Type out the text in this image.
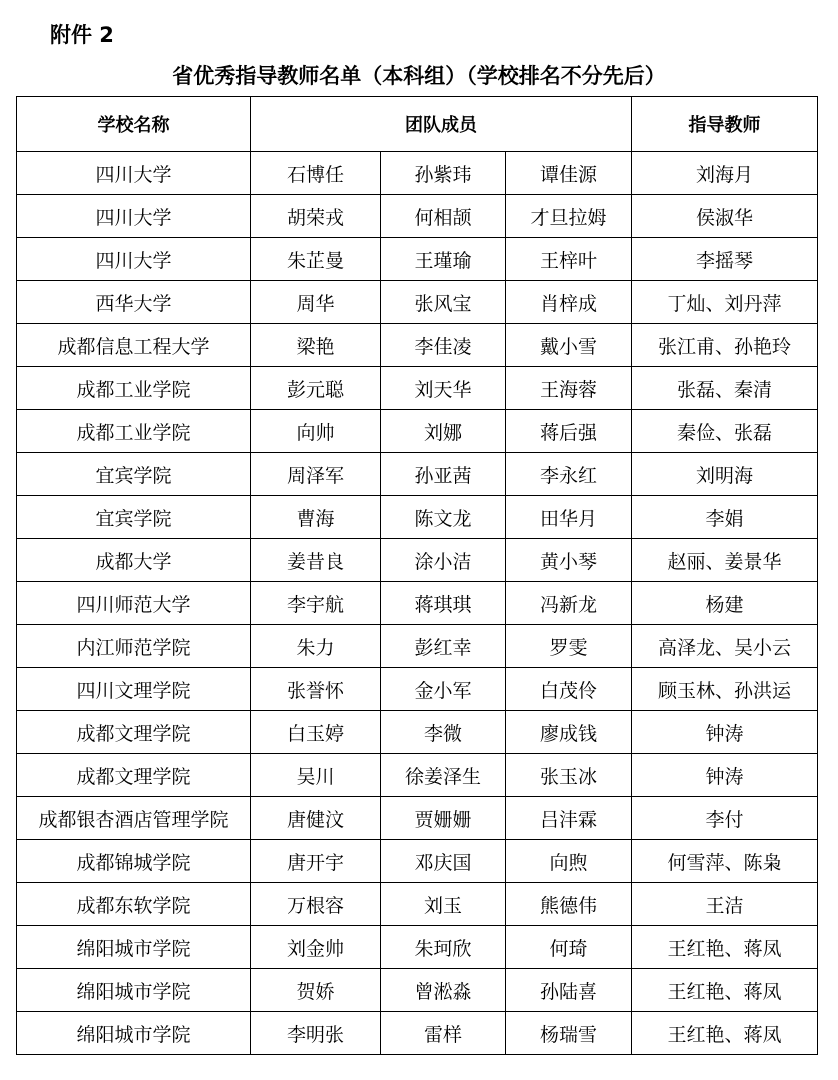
附件 2
省优秀指导教师名单（本科组）（学校排名不分先后）
学校名称	团队成员			指导教师
四川大学	石博任	孙紫玮	谭佳源	刘海月
四川大学	胡荣戎	何相颉	才旦拉姆	侯淑华
四川大学	朱芷曼	王瑾瑜	王梓叶	李摇琴
西华大学	周华	张风宝	肖梓成	丁灿、刘丹萍
成都信息工程大学	梁艳	李佳凌	戴小雪	张江甫、孙艳玲
成都工业学院	彭元聪	刘天华	王海蓉	张磊、秦清
成都工业学院	向帅	刘娜	蒋后强	秦俭、张磊
宜宾学院	周泽军	孙亚茜	李永红	刘明海
宜宾学院	曹海	陈文龙	田华月	李娟
成都大学	姜昔良	涂小洁	黄小琴	赵丽、姜景华
四川师范大学	李宇航	蒋琪琪	冯新龙	杨建
内江师范学院	朱力	彭红幸	罗雯	高泽龙、吴小云
四川文理学院	张誉怀	金小军	白茂伶	顾玉林、孙洪运
成都文理学院	白玉婷	李微	廖成钱	钟涛
成都文理学院	吴川	徐姜泽生	张玉冰	钟涛
成都银杏酒店管理学院	唐健汶	贾姗姗	吕沣霖	李付
成都锦城学院	唐开宇	邓庆国	向煦	何雪萍、陈枭
成都东软学院	万根容	刘玉	熊德伟	王洁
绵阳城市学院	刘金帅	朱珂欣	何琦	王红艳、蒋凤
绵阳城市学院	贺娇	曾淞淼	孙陆喜	王红艳、蒋凤
绵阳城市学院	李明张	雷样	杨瑞雪	王红艳、蒋凤
